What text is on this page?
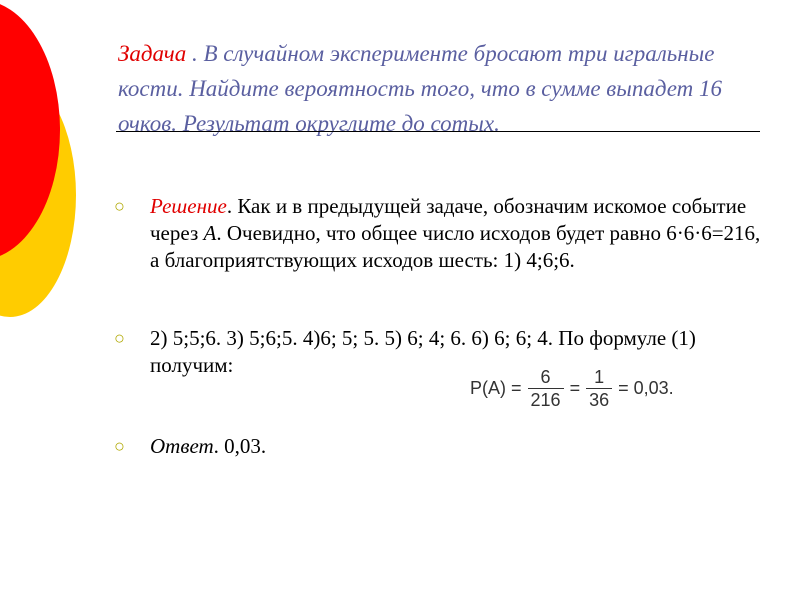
Задача . В случайном эксперименте бросают три игральные кости. Найдите вероятность того, что в сумме выпадет 16 очков. Результат округлите до сотых.
○ Решение. Как и в предыдущей задаче, обозначим искомое событие через А. Очевидно, что общее число исходов будет равно 6·6·6=216, а благоприятствующих исходов шесть: 1) 4;6;6.
○ 2) 5;5;6. 3) 5;6;5. 4)6; 5; 5. 5) 6; 4; 6. 6) 6; 6; 4. По формуле (1) получим:
○ Ответ. 0,03.
$P(A) = \frac{6}{216} = \frac{1}{36} = 0,03$.
